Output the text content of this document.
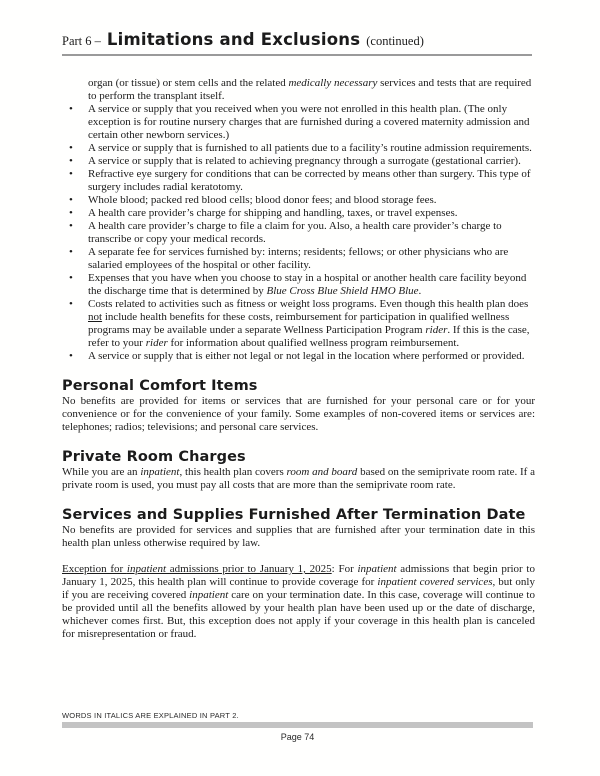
Part 6 – Limitations and Exclusions (continued)

organ (or tissue) or stem cells and the related medically necessary services and tests that are required to perform the transplant itself.

• A service or supply that you received when you were not enrolled in this health plan. (The only exception is for routine nursery charges that are furnished during a covered maternity admission and certain other newborn services.)
• A service or supply that is furnished to all patients due to a facility’s routine admission requirements.
• A service or supply that is related to achieving pregnancy through a surrogate (gestational carrier).
• Refractive eye surgery for conditions that can be corrected by means other than surgery. This type of surgery includes radial keratotomy.
• Whole blood; packed red blood cells; blood donor fees; and blood storage fees.
• A health care provider’s charge for shipping and handling, taxes, or travel expenses.
• A health care provider’s charge to file a claim for you. Also, a health care provider’s charge to transcribe or copy your medical records.
• A separate fee for services furnished by: interns; residents; fellows; or other physicians who are salaried employees of the hospital or other facility.
• Expenses that you have when you choose to stay in a hospital or another health care facility beyond the discharge time that is determined by Blue Cross Blue Shield HMO Blue.
• Costs related to activities such as fitness or weight loss programs. Even though this health plan does not include health benefits for these costs, reimbursement for participation in qualified wellness programs may be available under a separate Wellness Participation Program rider. If this is the case, refer to your rider for information about qualified wellness program reimbursement.
• A service or supply that is either not legal or not legal in the location where performed or provided.
Personal Comfort Items

No benefits are provided for items or services that are furnished for your personal care or for your convenience or for the convenience of your family. Some examples of non-covered items or services are: telephones; radios; televisions; and personal care services.

Private Room Charges

While you are an inpatient, this health plan covers room and board based on the semiprivate room rate. If a private room is used, you must pay all costs that are more than the semiprivate room rate.

Services and Supplies Furnished After Termination Date

No benefits are provided for services and supplies that are furnished after your termination date in this health plan unless otherwise required by law.

Exception for inpatient admissions prior to January 1, 2025: For inpatient admissions that begin prior to January 1, 2025, this health plan will continue to provide coverage for inpatient covered services, but only if you are receiving covered inpatient care on your termination date. In this case, coverage will continue to be provided until all the benefits allowed by your health plan have been used up or the date of discharge, whichever comes first. But, this exception does not apply if your coverage in this health plan is canceled for misrepresentation or fraud.

WORDS IN ITALICS ARE EXPLAINED IN PART 2.
Page 74
